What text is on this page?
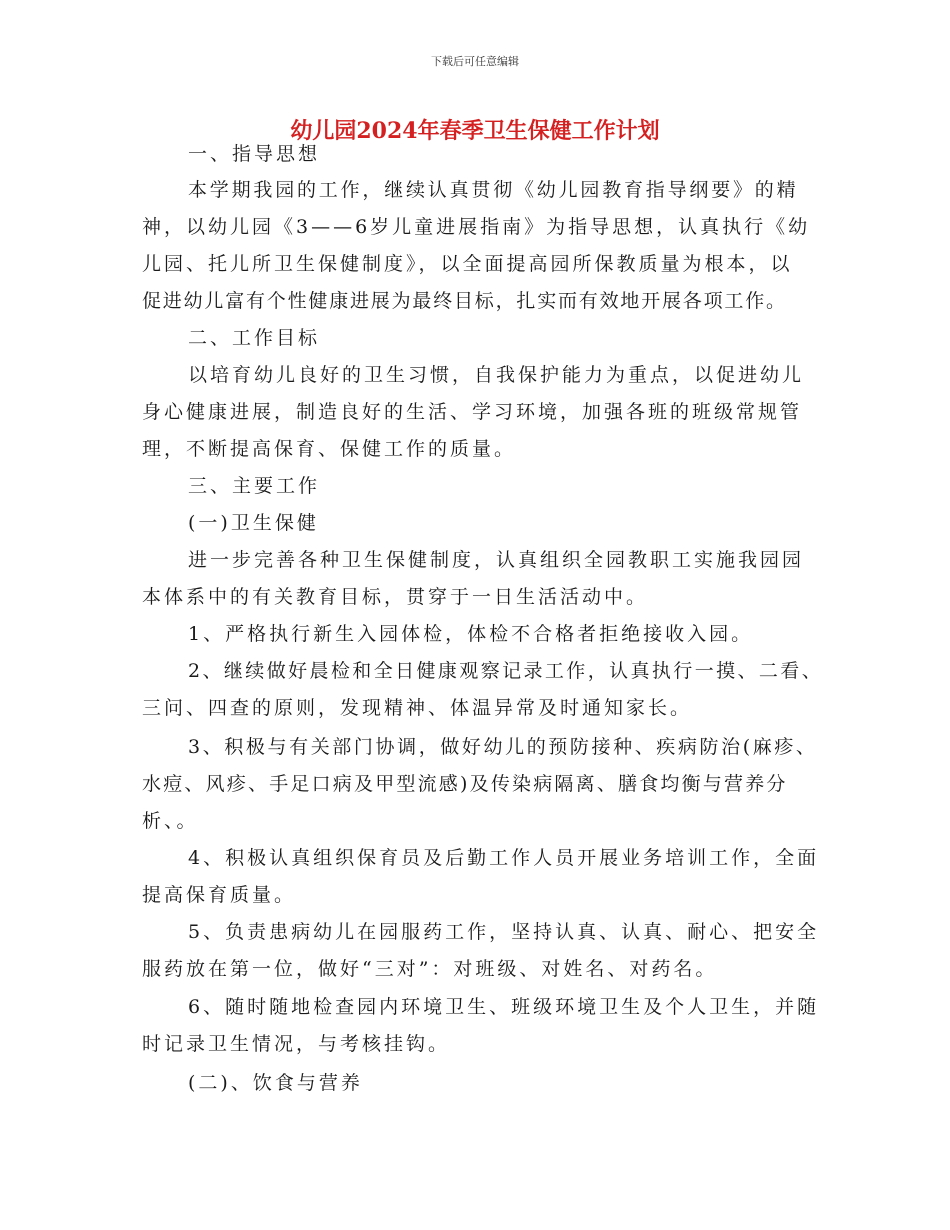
下载后可任意编辑
幼儿园2024年春季卫生保健工作计划
一、指导思想
本学期我园的工作，继续认真贯彻《幼儿园教育指导纲要》的精
神，以幼儿园《3——6岁儿童进展指南》为指导思想，认真执行《幼
儿园、托儿所卫生保健制度》，以全面提高园所保教质量为根本，以
促进幼儿富有个性健康进展为最终目标，扎实而有效地开展各项工作。
二、工作目标
以培育幼儿良好的卫生习惯，自我保护能力为重点，以促进幼儿
身心健康进展，制造良好的生活、学习环境，加强各班的班级常规管
理，不断提高保育、保健工作的质量。
三、主要工作
(一)卫生保健
进一步完善各种卫生保健制度，认真组织全园教职工实施我园园
本体系中的有关教育目标，贯穿于一日生活活动中。
1、严格执行新生入园体检，体检不合格者拒绝接收入园。
2、继续做好晨检和全日健康观察记录工作，认真执行一摸、二看、
三问、四查的原则，发现精神、体温异常及时通知家长。
3、积极与有关部门协调，做好幼儿的预防接种、疾病防治(麻疹、
水痘、风疹、手足口病及甲型流感)及传染病隔离、膳食均衡与营养分
析、。
4、积极认真组织保育员及后勤工作人员开展业务培训工作，全面
提高保育质量。
5、负责患病幼儿在园服药工作，坚持认真、认真、耐心、把安全
服药放在第一位，做好“三对”：对班级、对姓名、对药名。
6、随时随地检查园内环境卫生、班级环境卫生及个人卫生，并随
时记录卫生情况，与考核挂钩。
(二)、饮食与营养
